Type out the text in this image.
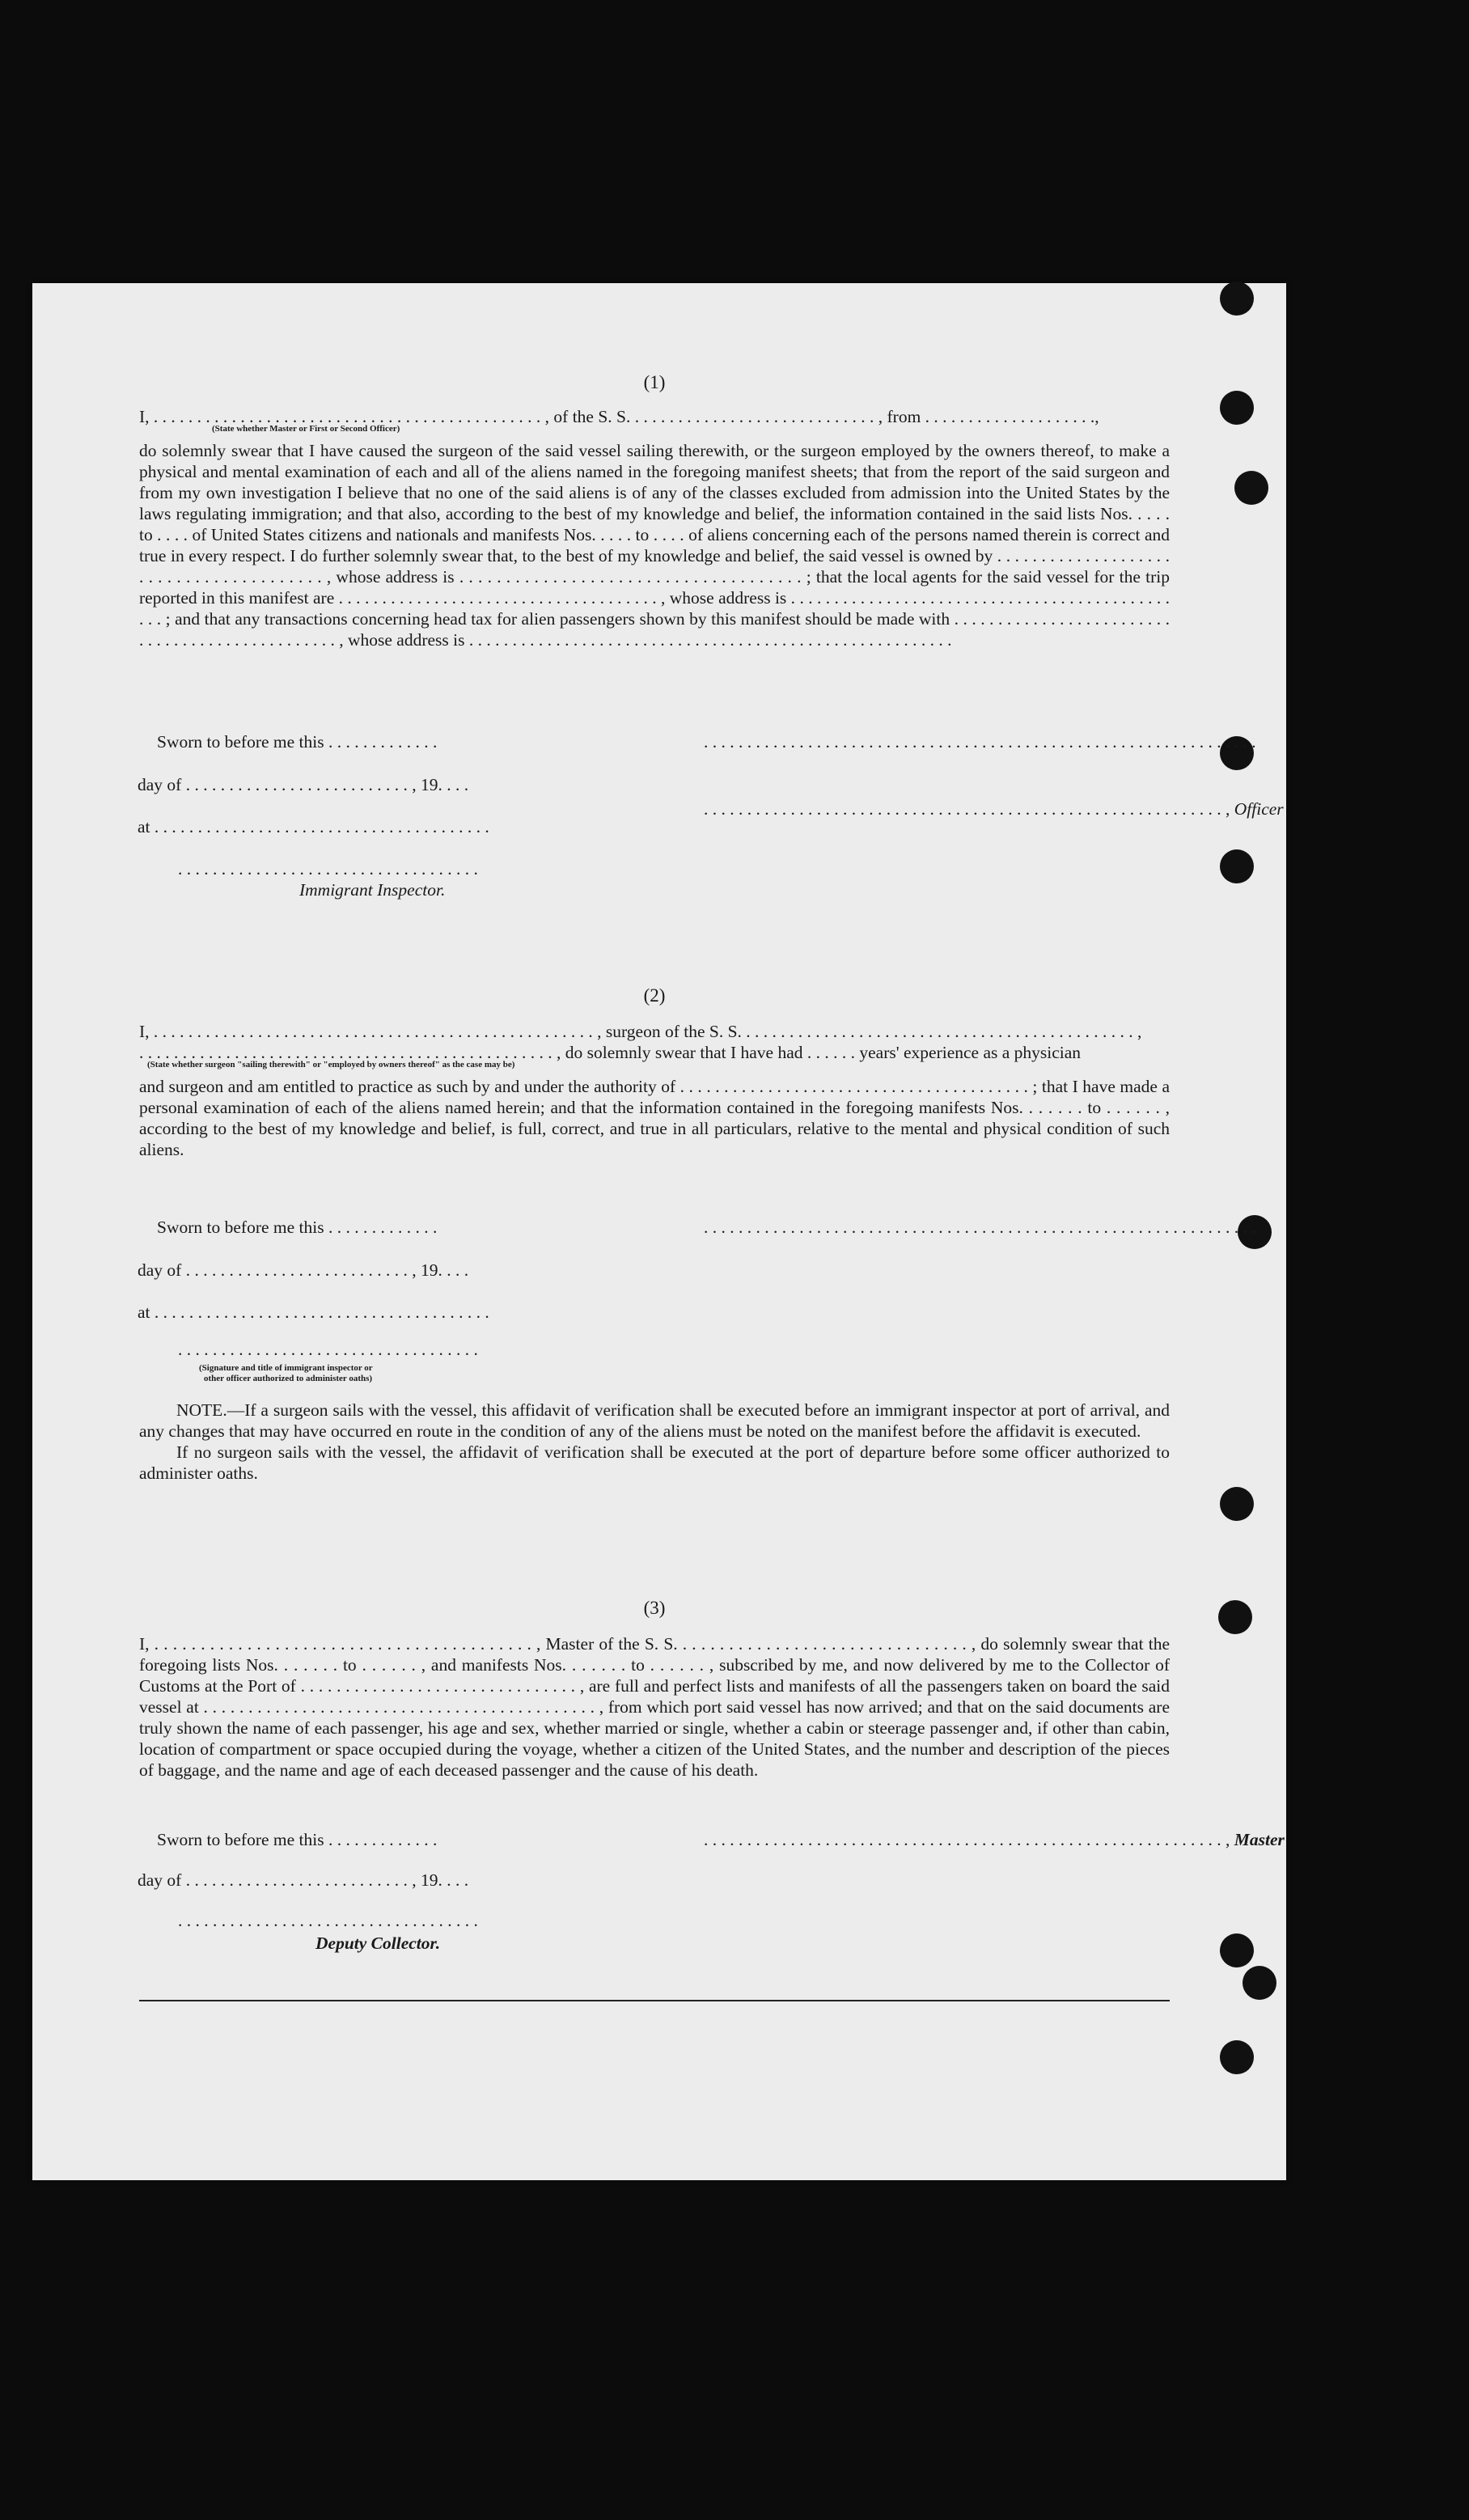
(1)
I, . . . . . . . . . . . . . . . . . . . . . . . . . . . . . . . . . . . . . . . . . . . . . , of the S. S. . . . . . . . . . . . . . . . . . . . . . . . . . . . . , from . . . . . . . . . . . . . . . . . . . .,
(State whether Master or First or Second Officer)
do solemnly swear that I have caused the surgeon of the said vessel sailing therewith, or the surgeon employed by the owners thereof, to make a physical and mental examination of each and all of the aliens named in the foregoing manifest sheets; that from the report of the said surgeon and from my own investigation I believe that no one of the said aliens is of any of the classes excluded from admission into the United States by the laws regulating immigration; and that also, according to the best of my knowledge and belief, the information contained in the said lists Nos. . . . . to . . . . of United States citizens and nationals and manifests Nos. . . . . to . . . . of aliens concerning each of the persons named therein is correct and true in every respect. I do further solemnly swear that, to the best of my knowledge and belief, the said vessel is owned by . . . . . . . . . . . . . . . . . . . . . . . . . . . . . . . . . . . . . . . . , whose address is . . . . . . . . . . . . . . . . . . . . . . . . . . . . . . . . . . . . . ; that the local agents for the said vessel for the trip reported in this manifest are . . . . . . . . . . . . . . . . . . . . . . . . . . . . . . . . . . . . . , whose address is . . . . . . . . . . . . . . . . . . . . . . . . . . . . . . . . . . . . . . . . . . . . . . . ; and that any transactions concerning head tax for alien passengers shown by this manifest should be made with . . . . . . . . . . . . . . . . . . . . . . . . . . . . . . . . . . . . . . . . . . . . . . . . , whose address is . . . . . . . . . . . . . . . . . . . . . . . . . . . . . . . . . . . . . . . . . . . . . . . . . . . . . . . .
Sworn to before me this . . . . . . . . . . . . .	. . . . . . . . . . . . . . . . . . . . . . . . . . . . . . . . . . . . . . . . . . . . . . . . . . . . . . . . . . . . . . . .
day of . . . . . . . . . . . . . . . . . . . . . . . . . . , 19. . . .
. . . . . . . . . . . . . . . . . . . . . . . . . . . . . . . . . . . . . . . . . . . . . . . . . . . . . . . . . . . . , Officer
at . . . . . . . . . . . . . . . . . . . . . . . . . . . . . . . . . . . . . . .
. . . . . . . . . . . . . . . . . . . . . . . . . . . . . . . . . . .
Immigrant Inspector.
(2)
I, . . . . . . . . . . . . . . . . . . . . . . . . . . . . . . . . . . . . . . . . . . . . . . . . . . . , surgeon of the S. S. . . . . . . . . . . . . . . . . . . . . . . . . . . . . . . . . . . . . . . . . . . . . . ,
. . . . . . . . . . . . . . . . . . . . . . . . . . . . . . . . . . . . . . . . . . . . . . . . , do solemnly swear that I have had . . . . . . years' experience as a physician
(State whether surgeon "sailing therewith" or "employed by owners thereof" as the case may be)
and surgeon and am entitled to practice as such by and under the authority of . . . . . . . . . . . . . . . . . . . . . . . . . . . . . . . . . . . . . . . . ; that I have made a personal examination of each of the aliens named herein; and that the information contained in the foregoing manifests Nos. . . . . . . to . . . . . . , according to the best of my knowledge and belief, is full, correct, and true in all particulars, relative to the mental and physical condition of such aliens.
Sworn to before me this . . . . . . . . . . . . .	. . . . . . . . . . . . . . . . . . . . . . . . . . . . . . . . . . . . . . . . . . . . . . . . . . . . . . . . . . . . . . . .
day of . . . . . . . . . . . . . . . . . . . . . . . . . . , 19. . . .
at . . . . . . . . . . . . . . . . . . . . . . . . . . . . . . . . . . . . . . .
. . . . . . . . . . . . . . . . . . . . . . . . . . . . . . . . . . .
(Signature and title of immigrant inspector or
other officer authorized to administer oaths)

NOTE.—If a surgeon sails with the vessel, this affidavit of verification shall be executed before an immigrant inspector at port of arrival, and any changes that may have occurred en route in the condition of any of the aliens must be noted on the manifest before the affidavit is executed.

If no surgeon sails with the vessel, the affidavit of verification shall be executed at the port of departure before some officer authorized to administer oaths.

(3)
I, . . . . . . . . . . . . . . . . . . . . . . . . . . . . . . . . . . . . . . . . . , Master of the S. S. . . . . . . . . . . . . . . . . . . . . . . . . . . . . . . . , do solemnly swear that the foregoing lists Nos. . . . . . . to . . . . . . , and manifests Nos. . . . . . . to . . . . . . , subscribed by me, and now delivered by me to the Collector of Customs at the Port of . . . . . . . . . . . . . . . . . . . . . . . . . . . . . . . , are full and perfect lists and manifests of all the passengers taken on board the said vessel at . . . . . . . . . . . . . . . . . . . . . . . . . . . . . . . . . . . . . . . . . . . . , from which port said vessel has now arrived; and that on the said documents are truly shown the name of each passenger, his age and sex, whether married or single, whether a cabin or steerage passenger and, if other than cabin, location of compartment or space occupied during the voyage, whether a citizen of the United States, and the number and description of the pieces of baggage, and the name and age of each deceased passenger and the cause of his death.
Sworn to before me this . . . . . . . . . . . . .	. . . . . . . . . . . . . . . . . . . . . . . . . . . . . . . . . . . . . . . . . . . . . . . . . . . . . . . . . . . . , Master
day of . . . . . . . . . . . . . . . . . . . . . . . . . . , 19. . . .
. . . . . . . . . . . . . . . . . . . . . . . . . . . . . . . . . . .
Deputy Collector.
